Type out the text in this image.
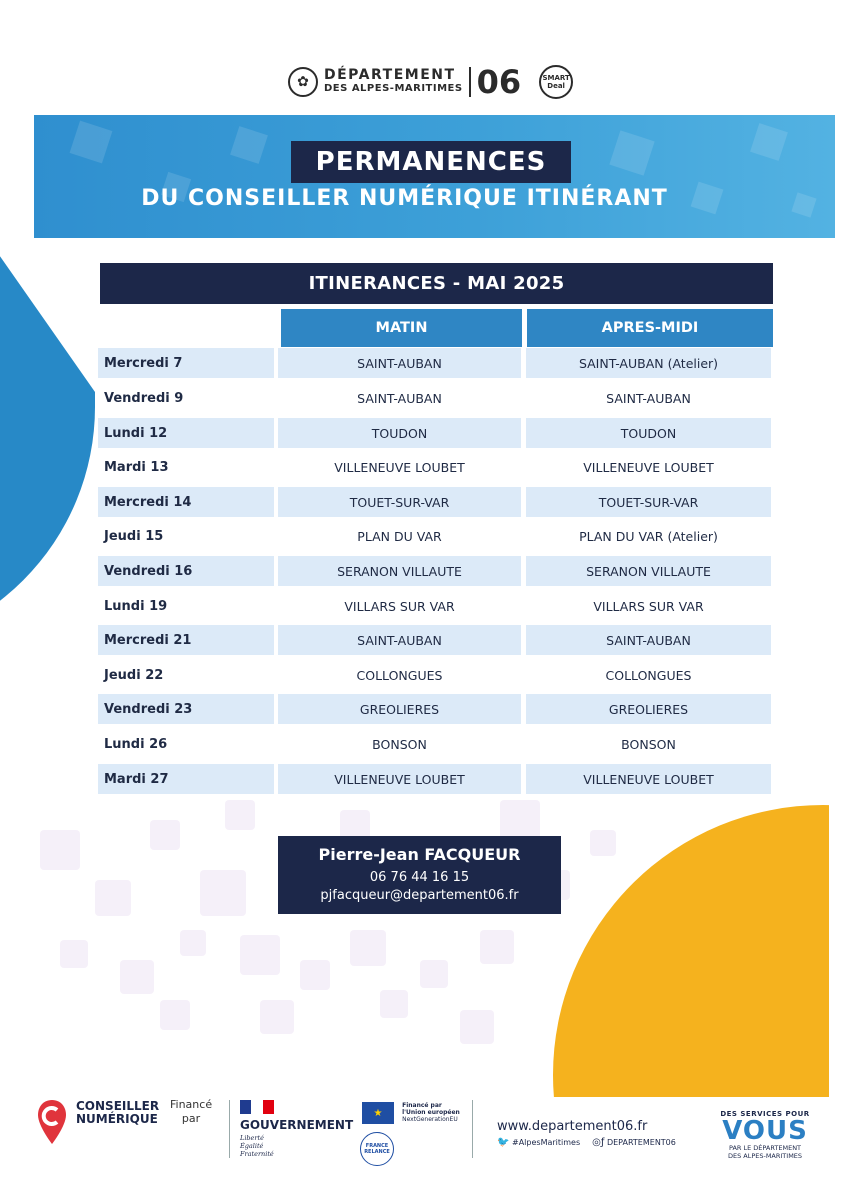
✿	DÉPARTEMENT
DES ALPES-MARITIMES 06	SMART Deal
PERMANENCES
DU CONSEILLER NUMÉRIQUE ITINÉRANT
ITINERANCES - MAI 2025
MATIN	APRES-MIDI
Mercredi 7	SAINT-AUBAN	SAINT-AUBAN (Atelier)
Vendredi 9	SAINT-AUBAN	SAINT-AUBAN
Lundi 12	TOUDON	TOUDON
Mardi 13	VILLENEUVE LOUBET	VILLENEUVE LOUBET
Mercredi 14	TOUET-SUR-VAR	TOUET-SUR-VAR
Jeudi 15	PLAN DU VAR	PLAN DU VAR (Atelier)
Vendredi 16	SERANON VILLAUTE	SERANON VILLAUTE
Lundi 19	VILLARS SUR VAR	VILLARS SUR VAR
Mercredi 21	SAINT-AUBAN	SAINT-AUBAN
Jeudi 22	COLLONGUES	COLLONGUES
Vendredi 23	GREOLIERES	GREOLIERES
Lundi 26	BONSON	BONSON
Mardi 27	VILLENEUVE LOUBET	VILLENEUVE LOUBET
Pierre-Jean FACQUEUR
06 76 44 16 15
pjfacqueur@departement06.fr
CONSEILLER
NUMÉRIQUE
Financé
par	GOUVERNEMENT
Liberté
Égalité
Fraternité
★ Financé par
l'Union européen
NextGenerationEU
FRANCE RELANCE
www.departement06.fr
🐦 #AlpesMaritimes ◎ƒ DEPARTEMENT06
DES SERVICES POUR
VOUS
PAR LE DÉPARTEMENT
DES ALPES-MARITIMES
